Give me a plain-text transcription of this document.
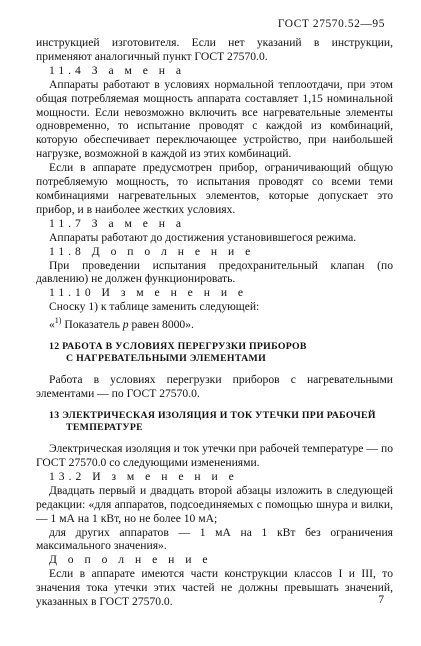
ГОСТ 27570.52—95

инструкцией изготовителя. Если нет указаний в инструкции, применяют аналогичный пункт ГОСТ 27570.0.

11.4 З а м е н а

Аппараты работают в условиях нормальной теплоотдачи, при этом общая потребляемая мощность аппарата составляет 1,15 номинальной мощности. Если невозможно включить все нагревательные элементы одновременно, то испытание проводят с каждой из комбинаций, которую обеспечивает переключающее устройство, при наибольшей нагрузке, возможной в каждой из этих комбинаций.

Если в аппарате предусмотрен прибор, ограничивающий общую потребляемую мощность, то испытания проводят со всеми теми комбинациями нагревательных элементов, которые допускает это прибор, и в наиболее жестких условиях.

11.7 З а м е н а

Аппараты работают до достижения установившегося режима.

11.8 Д о п о л н е н и е

При проведении испытания предохранительный клапан (по давлению) не должен функционировать.

11.10 И з м е н е н и е

Сноску 1) к таблице заменить следующей:

«$^{1)}$ Показатель p равен 8000».

12 РАБОТА В УСЛОВИЯХ ПЕРЕГРУЗКИ ПРИБОРОВ
С НАГРЕВАТЕЛЬНЫМИ ЭЛЕМЕНТАМИ

Работа в условиях перегрузки приборов с нагревательными элементами — по ГОСТ 27570.0.

13 ЭЛЕКТРИЧЕСКАЯ ИЗОЛЯЦИЯ И ТОК УТЕЧКИ ПРИ РАБОЧЕЙ
ТЕМПЕРАТУРЕ

Электрическая изоляция и ток утечки при рабочей температуре — по ГОСТ 27570.0 со следующими изменениями.

13.2 И з м е н е н и е

Двадцать первый и двадцать второй абзацы изложить в следующей редакции: «для аппаратов, подсоединяемых с помощью шнура и вилки, — 1 мА на 1 кВт, но не более 10 мА;

для других аппаратов — 1 мА на 1 кВт без ограничения максимального значения».

Д о п о л н е н и е

Если в аппарате имеются части конструкции классов I и III, то значения тока утечки этих частей не должны превышать значений, указанных в ГОСТ 27570.0.	7
